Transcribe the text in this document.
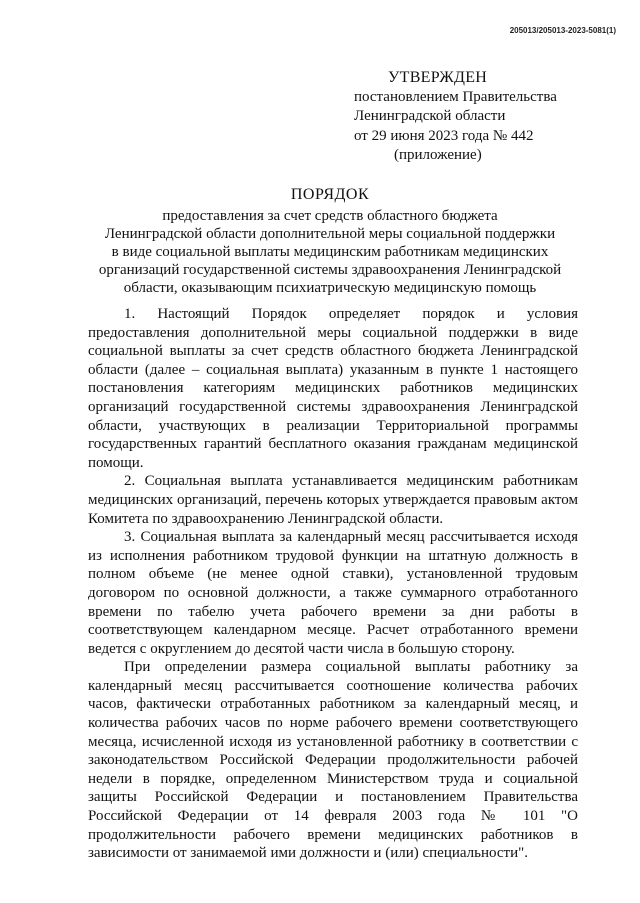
205013/205013-2023-5081(1)
УТВЕРЖДЕН
постановлением Правительства
Ленинградской области
от 29 июня 2023 года № 442
(приложение)
ПОРЯДОК
предоставления за счет средств областного бюджета
Ленинградской области дополнительной меры социальной поддержки
в виде социальной выплаты медицинским работникам медицинских
организаций государственной системы здравоохранения Ленинградской
области, оказывающим психиатрическую медицинскую помощь

1. Настоящий Порядок определяет порядок и условия предоставления дополнительной меры социальной поддержки в виде социальной выплаты за счет средств областного бюджета Ленинградской области (далее – социальная выплата) указанным в пункте 1 настоящего постановления категориям медицинских работников медицинских организаций государственной системы здравоохранения Ленинградской области, участвующих в реализации Территориальной программы государственных гарантий бесплатного оказания гражданам медицинской помощи.

2. Социальная выплата устанавливается медицинским работникам медицинских организаций, перечень которых утверждается правовым актом Комитета по здравоохранению Ленинградской области.

3. Социальная выплата за календарный месяц рассчитывается исходя из исполнения работником трудовой функции на штатную должность в полном объеме (не менее одной ставки), установленной трудовым договором по основной должности, а также суммарного отработанного времени по табелю учета рабочего времени за дни работы в соответствующем календарном месяце. Расчет отработанного времени ведется с округлением до десятой части числа в большую сторону.

При определении размера социальной выплаты работнику за календарный месяц рассчитывается соотношение количества рабочих часов, фактически отработанных работником за календарный месяц, и количества рабочих часов по норме рабочего времени соответствующего месяца, исчисленной исходя из установленной работнику в соответствии с законодательством Российской Федерации продолжительности рабочей недели в порядке, определенном Министерством труда и социальной защиты Российской Федерации и постановлением Правительства Российской Федерации от 14 февраля 2003 года № 101 "О продолжительности рабочего времени медицинских работников в зависимости от занимаемой ими должности и (или) специальности".
